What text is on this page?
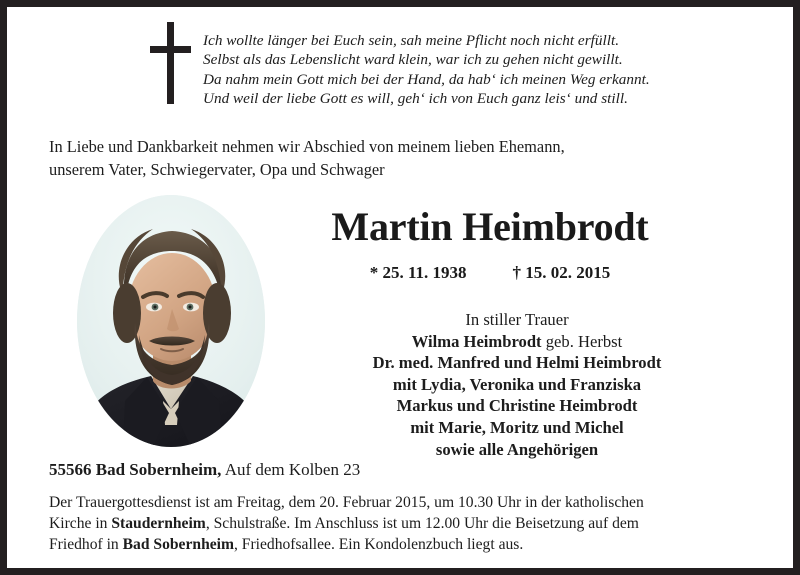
Ich wollte länger bei Euch sein, sah meine Pflicht noch nicht erfüllt.
Selbst als das Lebenslicht ward klein, war ich zu gehen nicht gewillt.
Da nahm mein Gott mich bei der Hand, da hab‘ ich meinen Weg erkannt.
Und weil der liebe Gott es will, geh‘ ich von Euch ganz leis‘ und still.
In Liebe und Dankbarkeit nehmen wir Abschied von meinem lieben Ehemann,
unserem Vater, Schwiegervater, Opa und Schwager
Martin Heimbrodt
* 25. 11. 1938	† 15. 02. 2015
In stiller Trauer
Wilma Heimbrodt geb. Herbst
Dr. med. Manfred und Helmi Heimbrodt
mit Lydia, Veronika und Franziska
Markus und Christine Heimbrodt
mit Marie, Moritz und Michel
sowie alle Angehörigen
55566 Bad Sobernheim, Auf dem Kolben 23
Der Trauergottesdienst ist am Freitag, dem 20. Februar 2015, um 10.30 Uhr in der katholischen
Kirche in Staudernheim, Schulstraße. Im Anschluss ist um 12.00 Uhr die Beisetzung auf dem
Friedhof in Bad Sobernheim, Friedhofsallee. Ein Kondolenzbuch liegt aus.
